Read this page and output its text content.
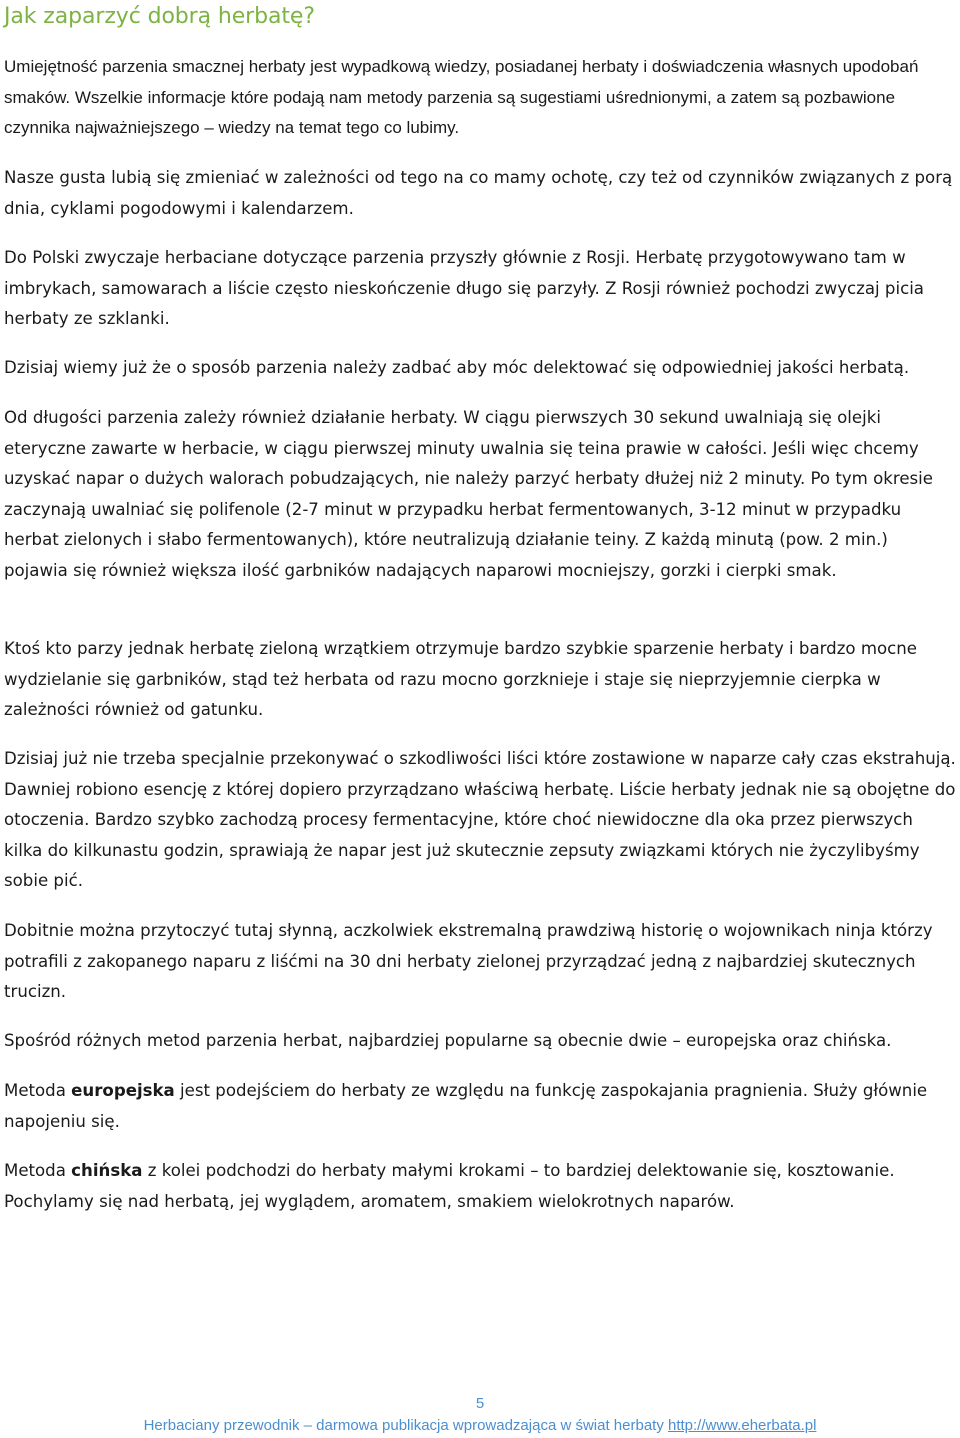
Jak zaparzyć dobrą herbatę?

Umiejętność parzenia smacznej herbaty jest wypadkową wiedzy, posiadanej herbaty i doświadczenia własnych upodobań smaków. Wszelkie informacje które podają nam metody parzenia są sugestiami uśrednionymi, a zatem są pozbawione czynnika najważniejszego – wiedzy na temat tego co lubimy.

Nasze gusta lubią się zmieniać w zależności od tego na co mamy ochotę, czy też od czynników związanych z porą dnia, cyklami pogodowymi i kalendarzem.

Do Polski zwyczaje herbaciane dotyczące parzenia przyszły głównie z Rosji. Herbatę przygotowywano tam w imbrykach, samowarach a liście często nieskończenie długo się parzyły. Z Rosji również pochodzi zwyczaj picia herbaty ze szklanki.

Dzisiaj wiemy już że o sposób parzenia należy zadbać aby móc delektować się odpowiedniej jakości herbatą.

Od długości parzenia zależy również działanie herbaty. W ciągu pierwszych 30 sekund uwalniają się olejki eteryczne zawarte w herbacie, w ciągu pierwszej minuty uwalnia się teina prawie w całości. Jeśli więc chcemy uzyskać napar o dużych walorach pobudzających, nie należy parzyć herbaty dłużej niż 2 minuty. Po tym okresie zaczynają uwalniać się polifenole (2-7 minut w przypadku herbat fermentowanych, 3-12 minut w przypadku herbat zielonych i słabo fermentowanych), które neutralizują działanie teiny. Z każdą minutą (pow. 2 min.) pojawia się również większa ilość garbników nadających naparowi mocniejszy, gorzki i cierpki smak.

Ktoś kto parzy jednak herbatę zieloną wrzątkiem otrzymuje bardzo szybkie sparzenie herbaty i bardzo mocne wydzielanie się garbników, stąd też herbata od razu mocno gorzknieje i staje się nieprzyjemnie cierpka w zależności również od gatunku.

Dzisiaj już nie trzeba specjalnie przekonywać o szkodliwości liści które zostawione w naparze cały czas ekstrahują. Dawniej robiono esencję z której dopiero przyrządzano właściwą herbatę. Liście herbaty jednak nie są obojętne do otoczenia. Bardzo szybko zachodzą procesy fermentacyjne, które choć niewidoczne dla oka przez pierwszych kilka do kilkunastu godzin, sprawiają że napar jest już skutecznie zepsuty związkami których nie życzylibyśmy sobie pić.

Dobitnie można przytoczyć tutaj słynną, aczkolwiek ekstremalną prawdziwą historię o wojownikach ninja którzy potrafili z zakopanego naparu z liśćmi na 30 dni herbaty zielonej przyrządzać jedną z najbardziej skutecznych trucizn.

Spośród różnych metod parzenia herbat, najbardziej popularne są obecnie dwie – europejska oraz chińska.

Metoda europejska jest podejściem do herbaty ze względu na funkcję zaspokajania pragnienia. Służy głównie napojeniu się.

Metoda chińska z kolei podchodzi do herbaty małymi krokami – to bardziej delektowanie się, kosztowanie. Pochylamy się nad herbatą, jej wyglądem, aromatem, smakiem wielokrotnych naparów.

5
Herbaciany przewodnik – darmowa publikacja wprowadzająca w świat herbaty http://www.eherbata.pl
